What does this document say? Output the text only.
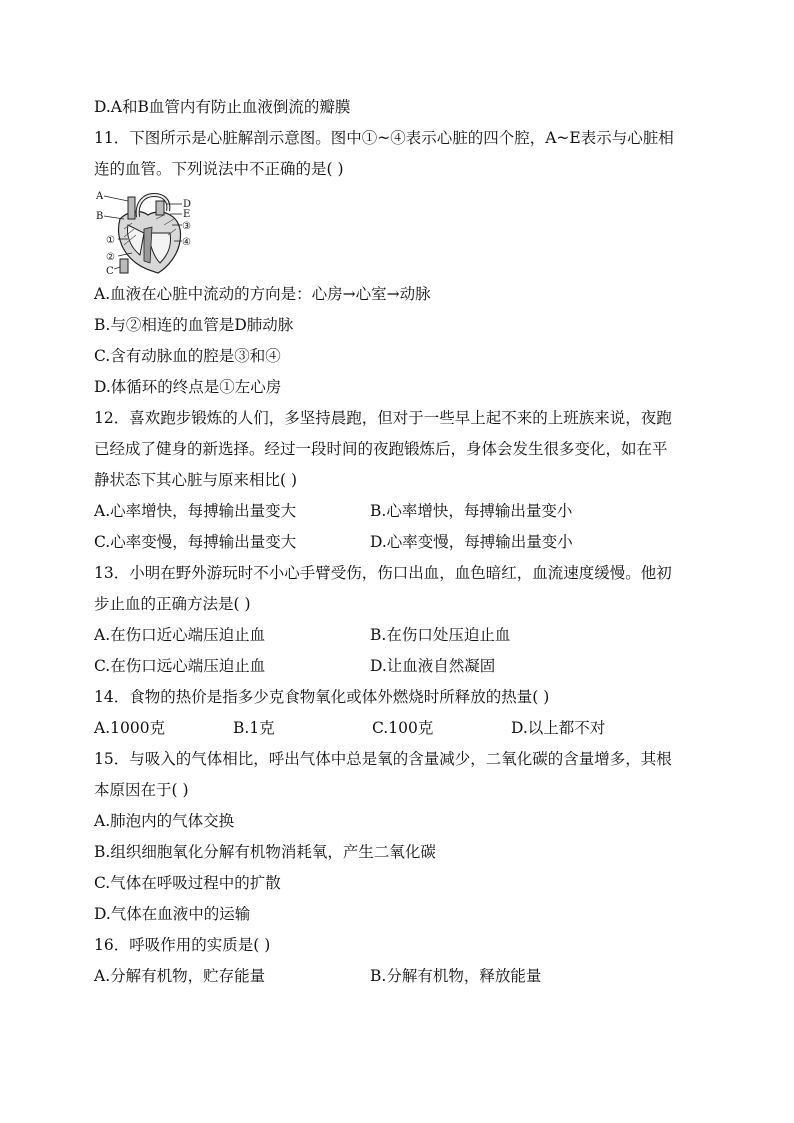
D.A和B血管内有防止血液倒流的瓣膜
11．下图所示是心脏解剖示意图。图中①~④表示心脏的四个腔，A~E表示与心脏相
连的血管。下列说法中不正确的是( )
A
B
①
②
C
D
E
③
④
A.血液在心脏中流动的方向是：心房→心室→动脉
B.与②相连的血管是D肺动脉
C.含有动脉血的腔是③和④
D.体循环的终点是①左心房
12．喜欢跑步锻炼的人们，多坚持晨跑，但对于一些早上起不来的上班族来说，夜跑
已经成了健身的新选择。经过一段时间的夜跑锻炼后，身体会发生很多变化，如在平
静状态下其心脏与原来相比( )
A.心率增快，每搏输出量变大	B.心率增快，每搏输出量变小
C.心率变慢，每搏输出量变大	D.心率变慢，每搏输出量变小
13．小明在野外游玩时不小心手臂受伤，伤口出血，血色暗红，血流速度缓慢。他初
步止血的正确方法是( )
A.在伤口近心端压迫止血	B.在伤口处压迫止血
C.在伤口远心端压迫止血	D.让血液自然凝固
14．食物的热价是指多少克食物氧化或体外燃烧时所释放的热量( )
A.1000克	B.1克	C.100克	D.以上都不对
15．与吸入的气体相比，呼出气体中总是氧的含量减少，二氧化碳的含量增多，其根
本原因在于( )
A.肺泡内的气体交换
B.组织细胞氧化分解有机物消耗氧，产生二氧化碳
C.气体在呼吸过程中的扩散
D.气体在血液中的运输
16．呼吸作用的实质是( )
A.分解有机物，贮存能量	B.分解有机物，释放能量
